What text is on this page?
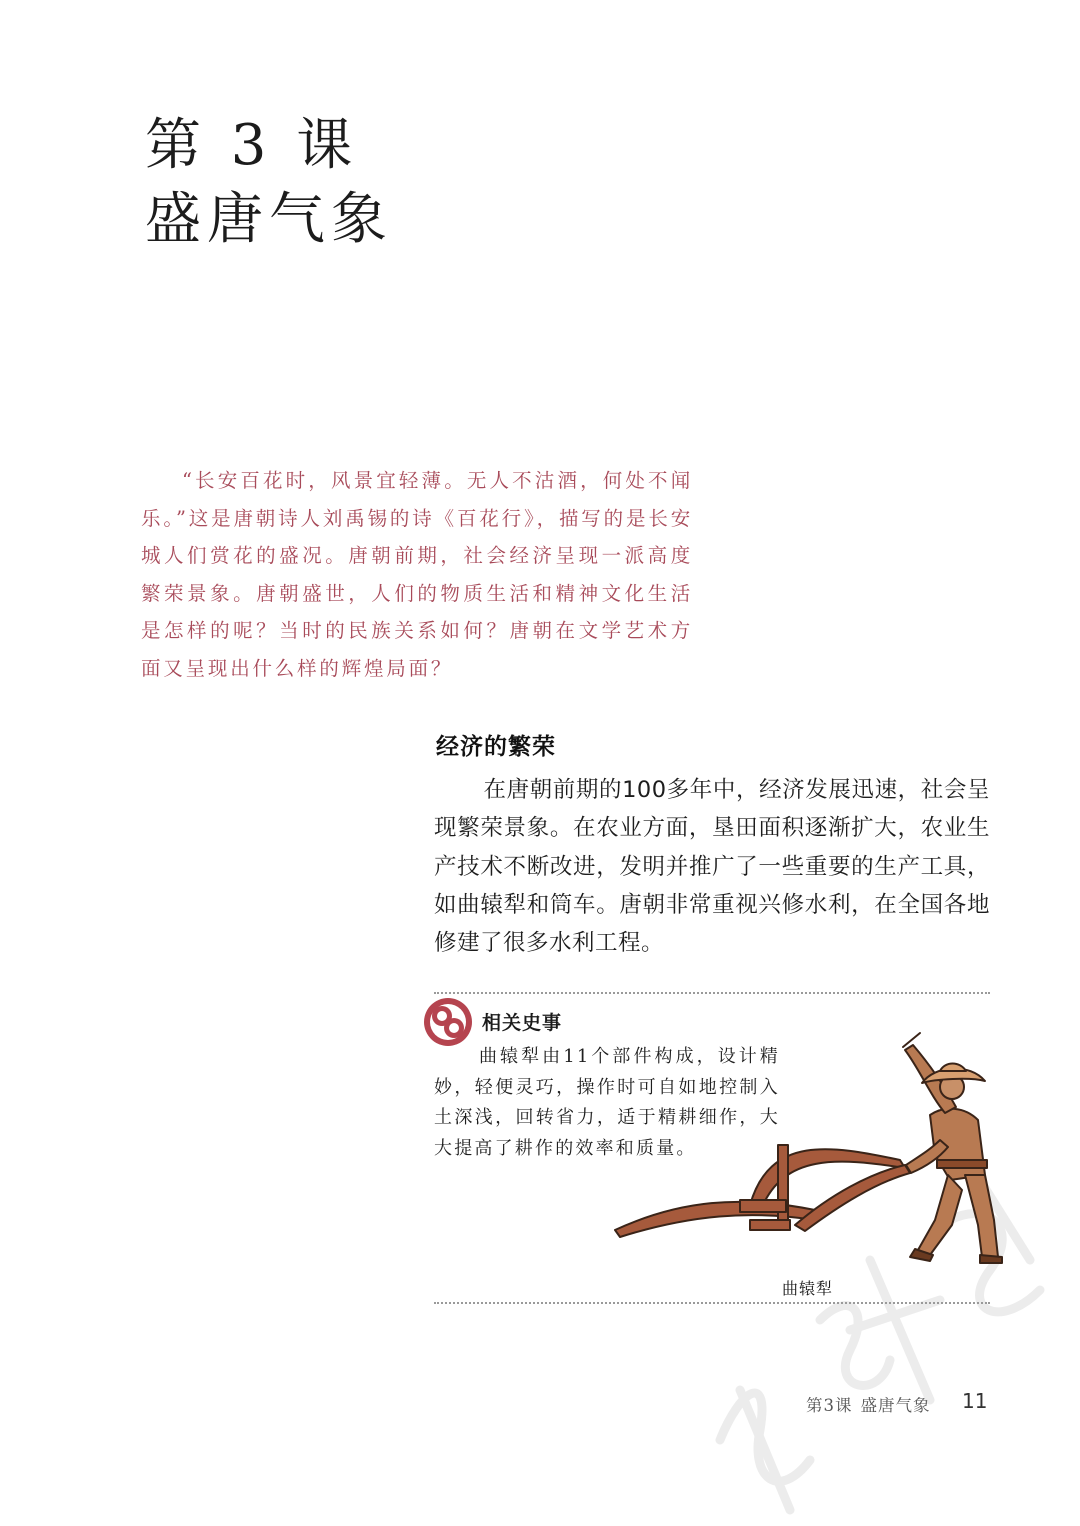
第 3 课
盛唐气象

“长安百花时，风景宜轻薄。无人不沽酒，何处不闻乐。”这是唐朝诗人刘禹锡的诗《百花行》，描写的是长安城人们赏花的盛况。唐朝前期，社会经济呈现一派高度繁荣景象。唐朝盛世，人们的物质生活和精神文化生活是怎样的呢？当时的民族关系如何？唐朝在文学艺术方面又呈现出什么样的辉煌局面？

经济的繁荣

在唐朝前期的100多年中，经济发展迅速，社会呈现繁荣景象。在农业方面，垦田面积逐渐扩大，农业生产技术不断改进，发明并推广了一些重要的生产工具，如曲辕犁和筒车。唐朝非常重视兴修水利，在全国各地修建了很多水利工程。

相关史事

曲辕犁由11个部件构成，设计精妙，轻便灵巧，操作时可自如地控制入土深浅，回转省力，适于精耕细作，大大提高了耕作的效率和质量。

曲辕犁

第3课 盛唐气象 11
